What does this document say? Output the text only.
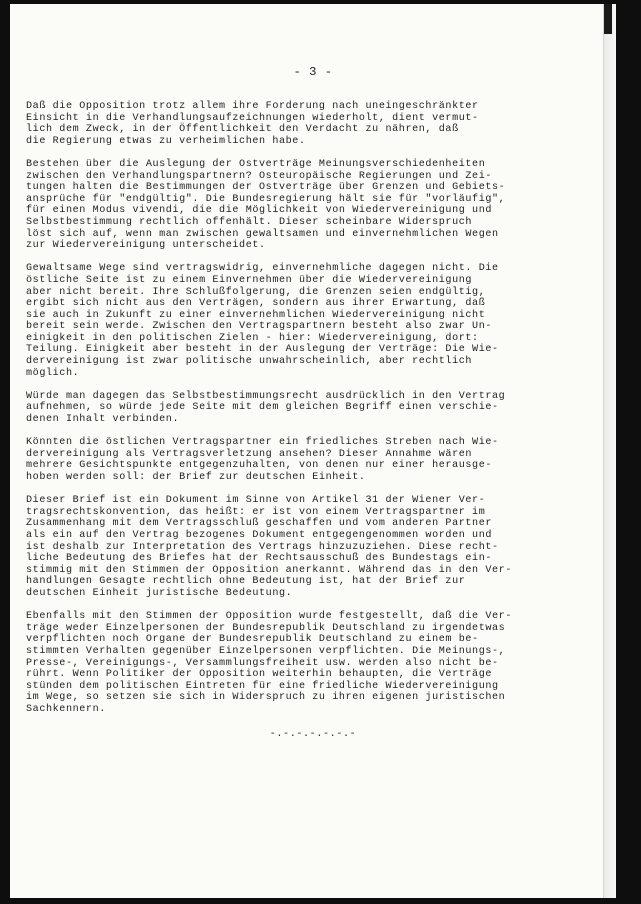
- 3 -
Daß die Opposition trotz allem ihre Forderung nach uneingeschränkter
Einsicht in die Verhandlungsaufzeichnungen wiederholt, dient vermut-
lich dem Zweck, in der Öffentlichkeit den Verdacht zu nähren, daß
die Regierung etwas zu verheimlichen habe.
Bestehen über die Auslegung der Ostverträge Meinungsverschiedenheiten
zwischen den Verhandlungspartnern? Osteuropäische Regierungen und Zei-
tungen halten die Bestimmungen der Ostverträge über Grenzen und Gebiets-
ansprüche für "endgültig". Die Bundesregierung hält sie für "vorläufig",
für einen Modus vivendi, die die Möglichkeit von Wiedervereinigung und
Selbstbestimmung rechtlich offenhält. Dieser scheinbare Widerspruch
löst sich auf, wenn man zwischen gewaltsamen und einvernehmlichen Wegen
zur Wiedervereinigung unterscheidet.
Gewaltsame Wege sind vertragswidrig, einvernehmliche dagegen nicht. Die
östliche Seite ist zu einem Einvernehmen über die Wiedervereinigung
aber nicht bereit. Ihre Schlußfolgerung, die Grenzen seien endgültig,
ergibt sich nicht aus den Verträgen, sondern aus ihrer Erwartung, daß
sie auch in Zukunft zu einer einvernehmlichen Wiedervereinigung nicht
bereit sein werde. Zwischen den Vertragspartnern besteht also zwar Un-
einigkeit in den politischen Zielen - hier: Wiedervereinigung, dort:
Teilung. Einigkeit aber besteht in der Auslegung der Verträge: Die Wie-
dervereinigung ist zwar politische unwahrscheinlich, aber rechtlich
möglich.
Würde man dagegen das Selbstbestimmungsrecht ausdrücklich in den Vertrag
aufnehmen, so würde jede Seite mit dem gleichen Begriff einen verschie-
denen Inhalt verbinden.
Könnten die östlichen Vertragspartner ein friedliches Streben nach Wie-
dervereinigung als Vertragsverletzung ansehen? Dieser Annahme wären
mehrere Gesichtspunkte entgegenzuhalten, von denen nur einer herausge-
hoben werden soll: der Brief zur deutschen Einheit.
Dieser Brief ist ein Dokument im Sinne von Artikel 31 der Wiener Ver-
tragsrechtskonvention, das heißt: er ist von einem Vertragspartner im
Zusammenhang mit dem Vertragsschluß geschaffen und vom anderen Partner
als ein auf den Vertrag bezogenes Dokument entgegengenommen worden und
ist deshalb zur Interpretation des Vertrags hinzuzuziehen. Diese recht-
liche Bedeutung des Briefes hat der Rechtsausschuß des Bundestags ein-
stimmig mit den Stimmen der Opposition anerkannt. Während das in den Ver-
handlungen Gesagte rechtlich ohne Bedeutung ist, hat der Brief zur
deutschen Einheit juristische Bedeutung.
Ebenfalls mit den Stimmen der Opposition wurde festgestellt, daß die Ver-
träge weder Einzelpersonen der Bundesrepublik Deutschland zu irgendetwas
verpflichten noch Organe der Bundesrepublik Deutschland zu einem be-
stimmten Verhalten gegenüber Einzelpersonen verpflichten. Die Meinungs-,
Presse-, Vereinigungs-, Versammlungsfreiheit usw. werden also nicht be-
rührt. Wenn Politiker der Opposition weiterhin behaupten, die Verträge
stünden dem politischen Eintreten für eine friedliche Wiedervereinigung
im Wege, so setzen sie sich in Widerspruch zu ihren eigenen juristischen
Sachkennern.
-.-.-.-.-.-.-
